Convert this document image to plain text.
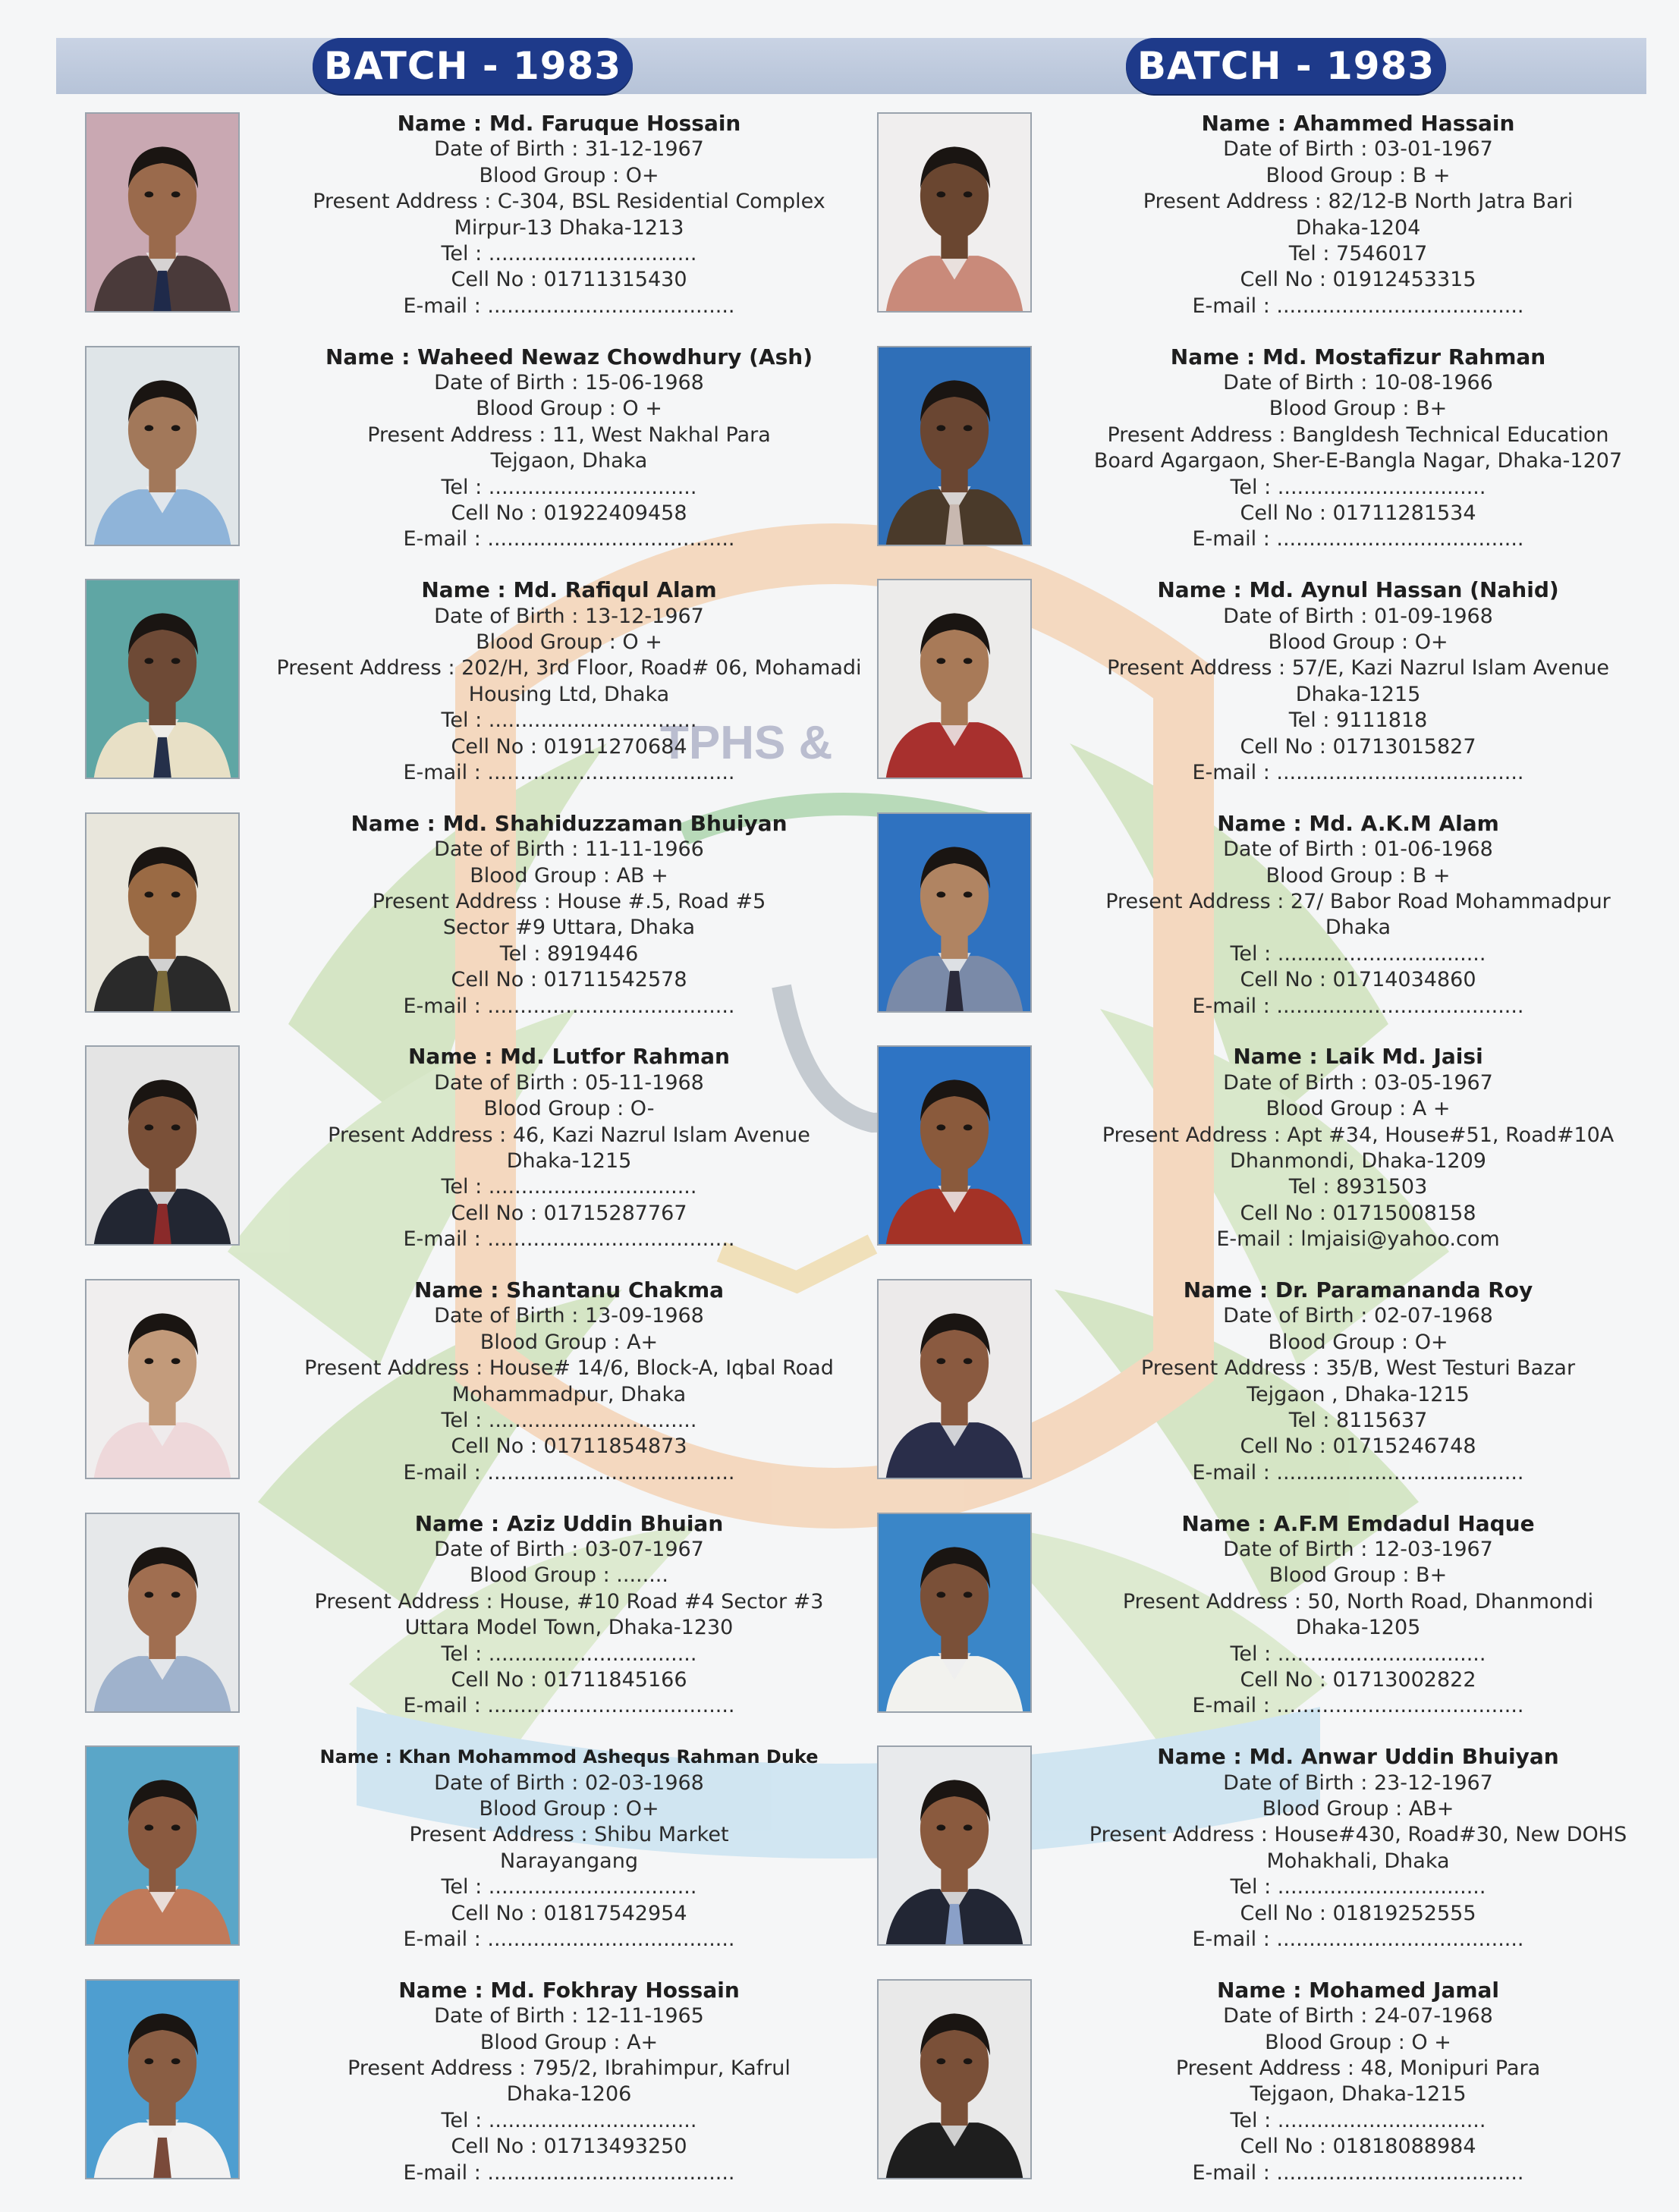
BATCH - 1983	BATCH - 1983
TPHS &
Name : Md. Faruque Hossain
Date of Birth : 31-12-1967
Blood Group : O+
Present Address : C-304, BSL Residential Complex
Mirpur-13 Dhaka-1213
Tel : ................................
Cell No : 01711315430
E-mail : ......................................
Name : Waheed Newaz Chowdhury (Ash)
Date of Birth : 15-06-1968
Blood Group : O +
Present Address : 11, West Nakhal Para
Tejgaon, Dhaka
Tel : ................................
Cell No : 01922409458
E-mail : ......................................
Name : Md. Rafiqul Alam
Date of Birth : 13-12-1967
Blood Group : O +
Present Address : 202/H, 3rd Floor, Road# 06, Mohamadi
Housing Ltd, Dhaka
Tel : ................................
Cell No : 01911270684
E-mail : ......................................
Name : Md. Shahiduzzaman Bhuiyan
Date of Birth : 11-11-1966
Blood Group : AB +
Present Address : House #.5, Road #5
Sector #9 Uttara, Dhaka
Tel : 8919446
Cell No : 01711542578
E-mail : ......................................
Name : Md. Lutfor Rahman
Date of Birth : 05-11-1968
Blood Group : O-
Present Address : 46, Kazi Nazrul Islam Avenue
Dhaka-1215
Tel : ................................
Cell No : 01715287767
E-mail : ......................................
Name : Shantanu Chakma
Date of Birth : 13-09-1968
Blood Group : A+
Present Address : House# 14/6, Block-A, Iqbal Road
Mohammadpur, Dhaka
Tel : ................................
Cell No : 01711854873
E-mail : ......................................
Name : Aziz Uddin Bhuian
Date of Birth : 03-07-1967
Blood Group : ........
Present Address : House, #10 Road #4 Sector #3
Uttara Model Town, Dhaka-1230
Tel : ................................
Cell No : 01711845166
E-mail : ......................................
Name : Khan Mohammod Ashequs Rahman Duke
Date of Birth : 02-03-1968
Blood Group : O+
Present Address : Shibu Market
Narayangang
Tel : ................................
Cell No : 01817542954
E-mail : ......................................
Name : Md. Fokhray Hossain
Date of Birth : 12-11-1965
Blood Group : A+
Present Address : 795/2, Ibrahimpur, Kafrul
Dhaka-1206
Tel : ................................
Cell No : 01713493250
E-mail : ......................................
Name : Ahammed Hassain
Date of Birth : 03-01-1967
Blood Group : B +
Present Address : 82/12-B North Jatra Bari
Dhaka-1204
Tel : 7546017
Cell No : 01912453315
E-mail : ......................................
Name : Md. Mostafizur Rahman
Date of Birth : 10-08-1966
Blood Group : B+
Present Address : Bangldesh Technical Education
Board Agargaon, Sher-E-Bangla Nagar, Dhaka-1207
Tel : ................................
Cell No : 01711281534
E-mail : ......................................
Name : Md. Aynul Hassan (Nahid)
Date of Birth : 01-09-1968
Blood Group : O+
Present Address : 57/E, Kazi Nazrul Islam Avenue
Dhaka-1215
Tel : 9111818
Cell No : 01713015827
E-mail : ......................................
Name : Md. A.K.M Alam
Date of Birth : 01-06-1968
Blood Group : B +
Present Address : 27/ Babor Road Mohammadpur
Dhaka
Tel : ................................
Cell No : 01714034860
E-mail : ......................................
Name : Laik Md. Jaisi
Date of Birth : 03-05-1967
Blood Group : A +
Present Address : Apt #34, House#51, Road#10A
Dhanmondi, Dhaka-1209
Tel : 8931503
Cell No : 01715008158
E-mail : lmjaisi@yahoo.com
Name : Dr. Paramananda Roy
Date of Birth : 02-07-1968
Blood Group : O+
Present Address : 35/B, West Testuri Bazar
Tejgaon , Dhaka-1215
Tel : 8115637
Cell No : 01715246748
E-mail : ......................................
Name : A.F.M Emdadul Haque
Date of Birth : 12-03-1967
Blood Group : B+
Present Address : 50, North Road, Dhanmondi
Dhaka-1205
Tel : ................................
Cell No : 01713002822
E-mail : ......................................
Name : Md. Anwar Uddin Bhuiyan
Date of Birth : 23-12-1967
Blood Group : AB+
Present Address : House#430, Road#30, New DOHS
Mohakhali, Dhaka
Tel : ................................
Cell No : 01819252555
E-mail : ......................................
Name : Mohamed Jamal
Date of Birth : 24-07-1968
Blood Group : O +
Present Address : 48, Monipuri Para
Tejgaon, Dhaka-1215
Tel : ................................
Cell No : 01818088984
E-mail : ......................................
